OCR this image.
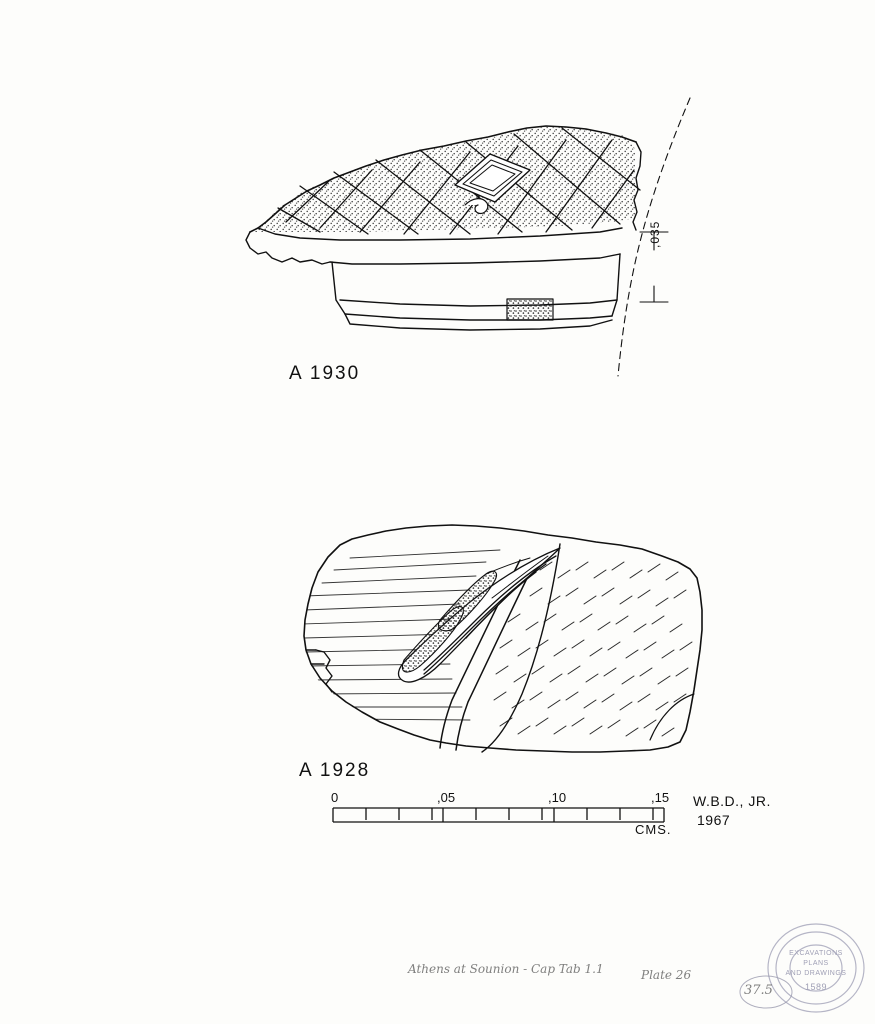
A 1930
A 1928
,035
0	,05	,10	,15
CMS.
W.B.D., JR.
1967
Athens at Sounion - Cap Tab 1.1	Plate 26
37.5
EXCAVATIONS
PLANS
AND DRAWINGS
1589
